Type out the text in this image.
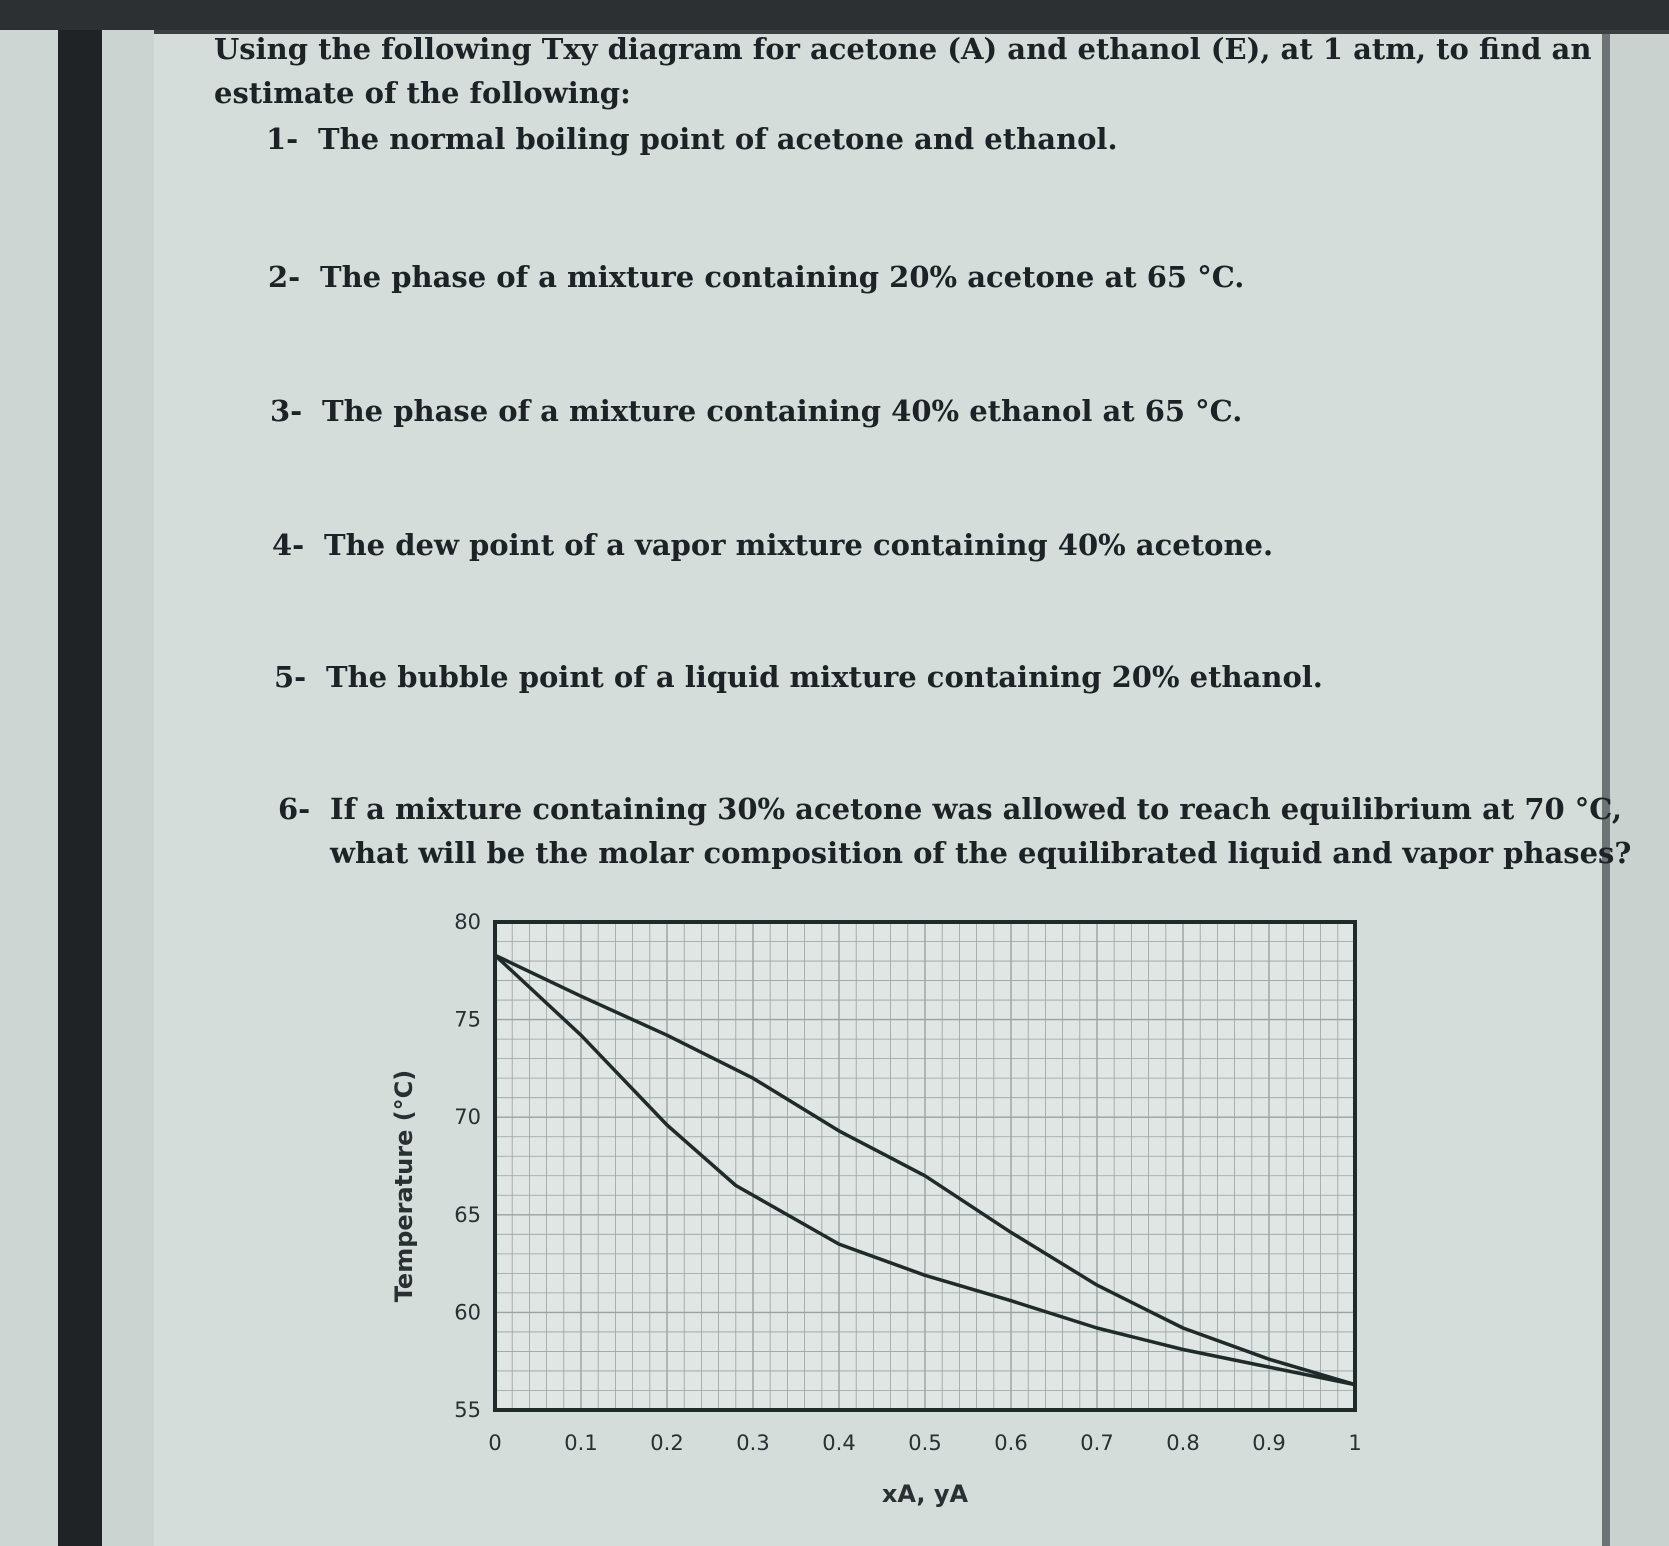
Using the following Txy diagram for acetone (A) and ethanol (E), at 1 atm, to find an
estimate of the following:
1- The normal boiling point of acetone and ethanol.
2- The phase of a mixture containing 20% acetone at 65 °C.
3- The phase of a mixture containing 40% ethanol at 65 °C.
4- The dew point of a vapor mixture containing 40% acetone.
5- The bubble point of a liquid mixture containing 20% ethanol.
6- If a mixture containing 30% acetone was allowed to reach equilibrium at 70 °C,
what will be the molar composition of the equilibrated liquid and vapor phases?
0	0.1	0.2	0.3	0.4	0.5	0.6	0.7	0.8	0.9	1
80
75
70
65
60
55
xA, yA
Temperature (°C)
